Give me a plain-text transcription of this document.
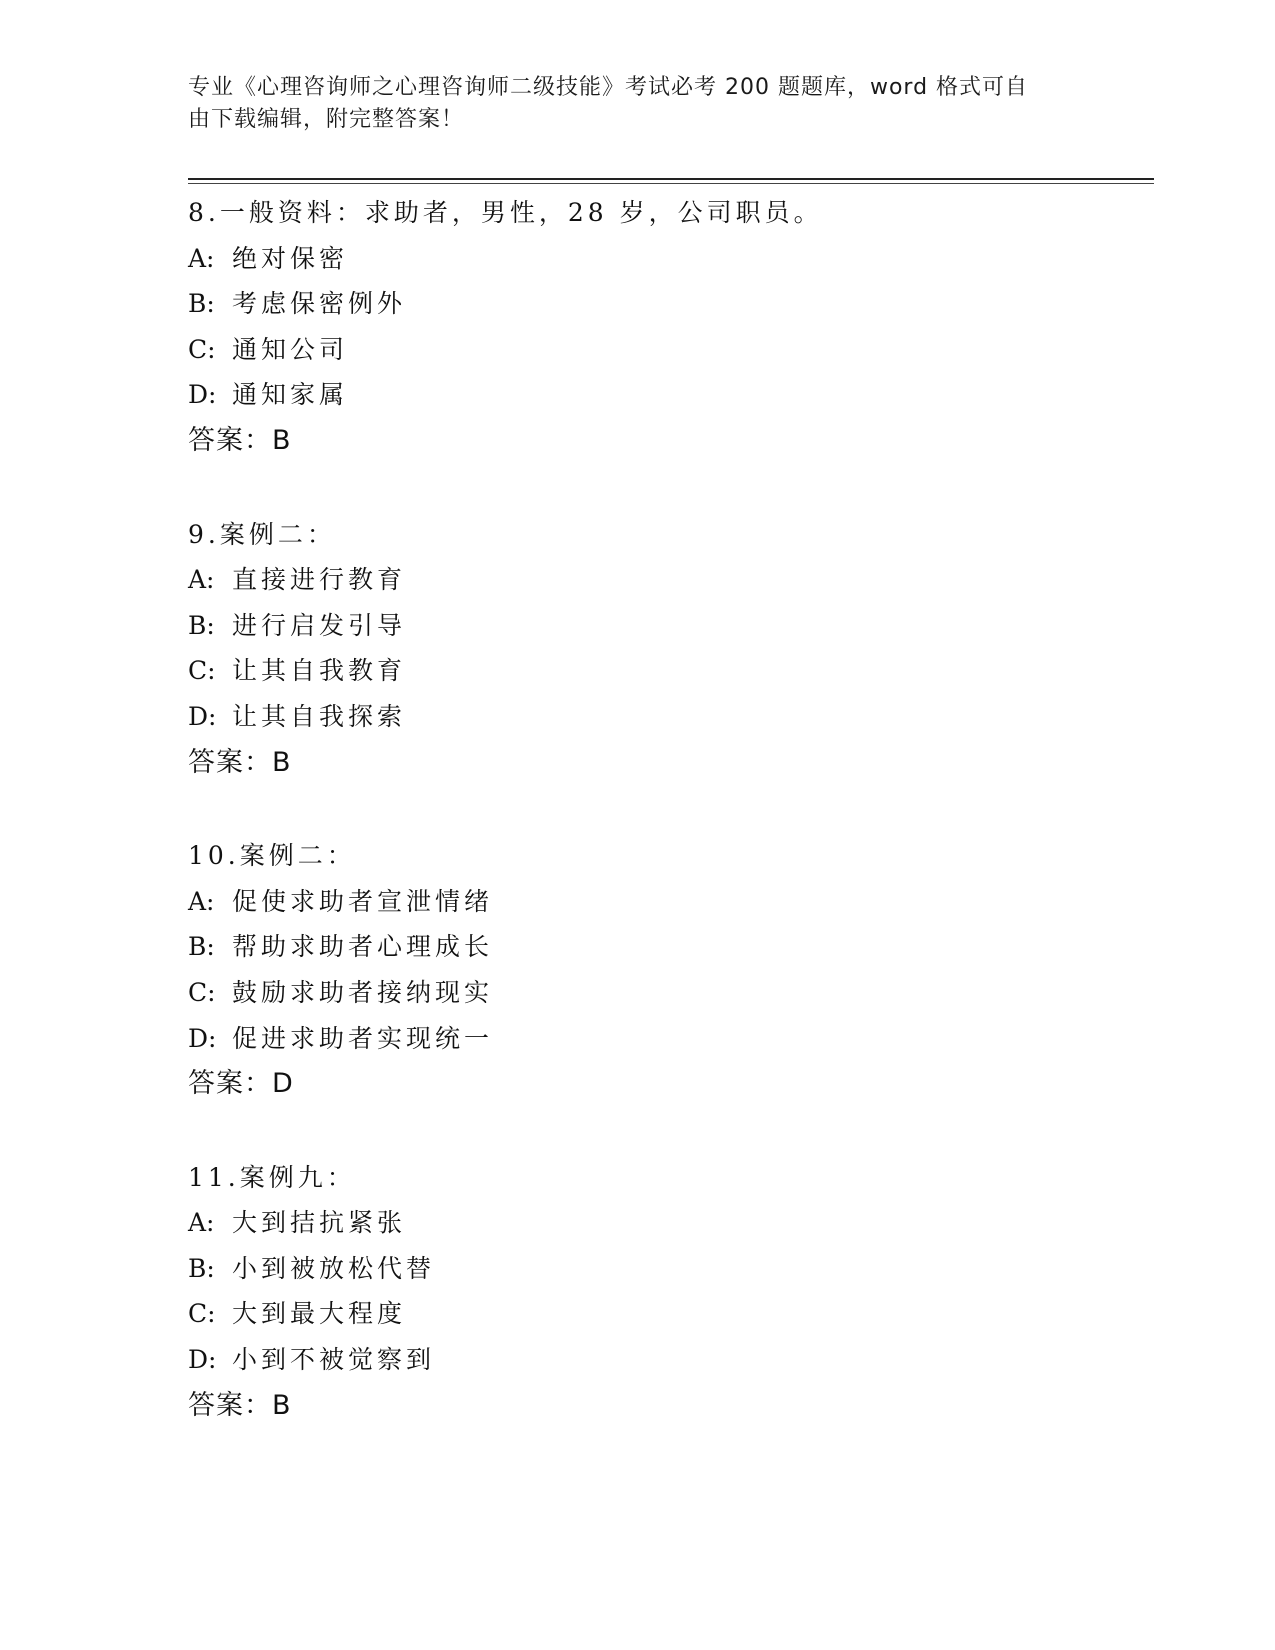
专业《心理咨询师之心理咨询师二级技能》考试必考 200 题题库，word 格式可自
由下载编辑，附完整答案！
8.一般资料：求助者，男性，28 岁，公司职员。
A: 绝对保密
B: 考虑保密例外
C: 通知公司
D: 通知家属
答案：B
9.案例二：
A: 直接进行教育
B: 进行启发引导
C: 让其自我教育
D: 让其自我探索
答案：B
10.案例二：
A: 促使求助者宣泄情绪
B: 帮助求助者心理成长
C: 鼓励求助者接纳现实
D: 促进求助者实现统一
答案：D
11.案例九：
A: 大到拮抗紧张
B: 小到被放松代替
C: 大到最大程度
D: 小到不被觉察到
答案：B
